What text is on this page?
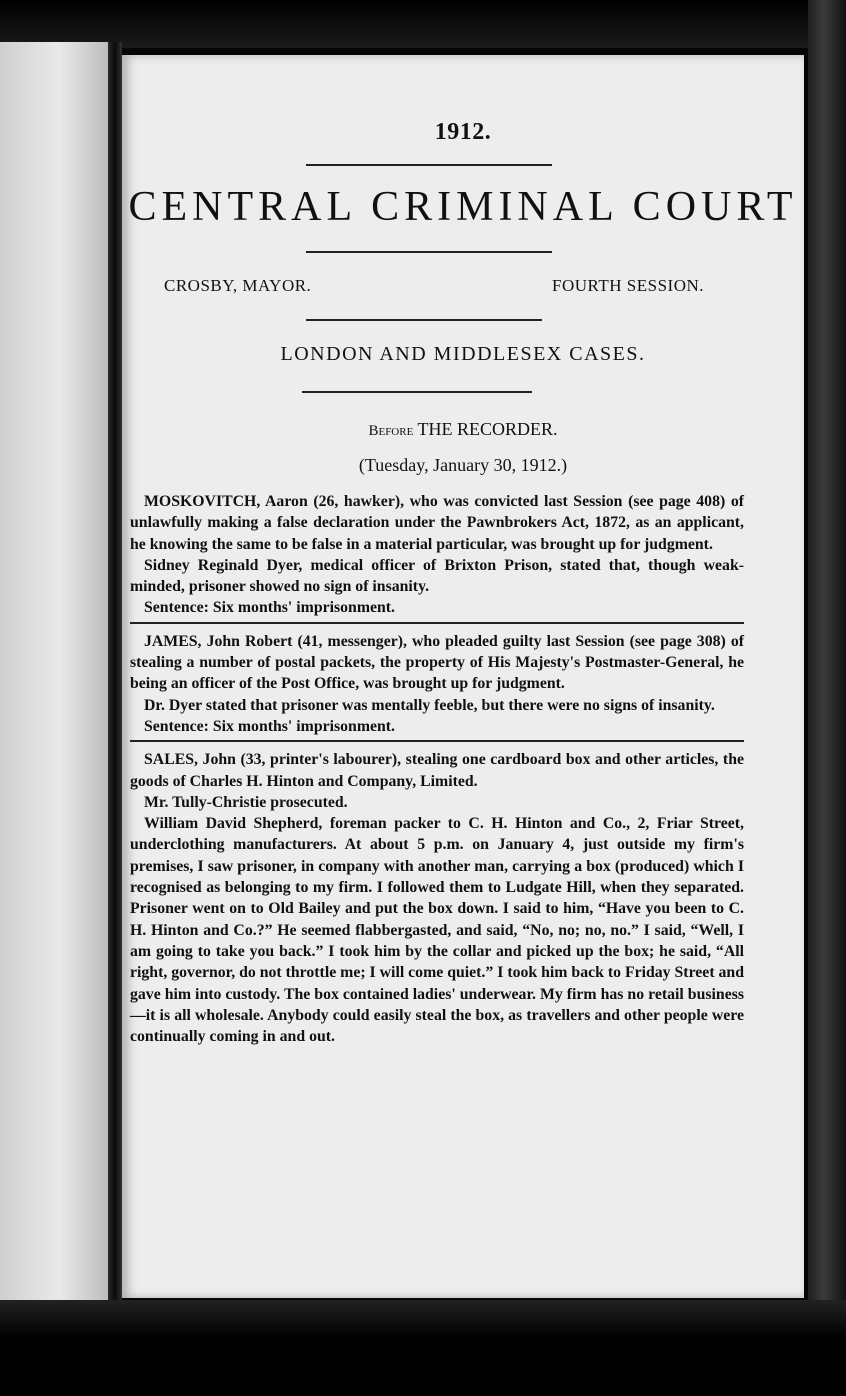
1912.
CENTRAL CRIMINAL COURT
CROSBY, MAYOR.	FOURTH SESSION.
LONDON AND MIDDLESEX CASES.
Before THE RECORDER.
(Tuesday, January 30, 1912.)

MOSKOVITCH, Aaron (26, hawker), who was convicted last Session (see page 408) of unlawfully making a false declaration under the Pawnbrokers Act, 1872, as an applicant, he knowing the same to be false in a material particular, was brought up for judgment.

Sidney Reginald Dyer, medical officer of Brixton Prison, stated that, though weak-minded, prisoner showed no sign of insanity.

Sentence: Six months' imprisonment.

JAMES, John Robert (41, messenger), who pleaded guilty last Session (see page 308) of stealing a number of postal packets, the property of His Majesty's Postmaster-General, he being an officer of the Post Office, was brought up for judgment.

Dr. Dyer stated that prisoner was mentally feeble, but there were no signs of insanity.

Sentence: Six months' imprisonment.

SALES, John (33, printer's labourer), stealing one cardboard box and other articles, the goods of Charles H. Hinton and Company, Limited.

Mr. Tully-Christie prosecuted.

William David Shepherd, foreman packer to C. H. Hinton and Co., 2, Friar Street, underclothing manufacturers. At about 5 p.m. on January 4, just outside my firm's premises, I saw prisoner, in company with another man, carrying a box (produced) which I recognised as belonging to my firm. I followed them to Ludgate Hill, when they separated. Prisoner went on to Old Bailey and put the box down. I said to him, “Have you been to C. H. Hinton and Co.?” He seemed flabbergasted, and said, “No, no; no, no.” I said, “Well, I am going to take you back.” I took him by the collar and picked up the box; he said, “All right, governor, do not throttle me; I will come quiet.” I took him back to Friday Street and gave him into custody. The box contained ladies' underwear. My firm has no retail business—it is all wholesale. Anybody could easily steal the box, as travellers and other people were continually coming in and out.
